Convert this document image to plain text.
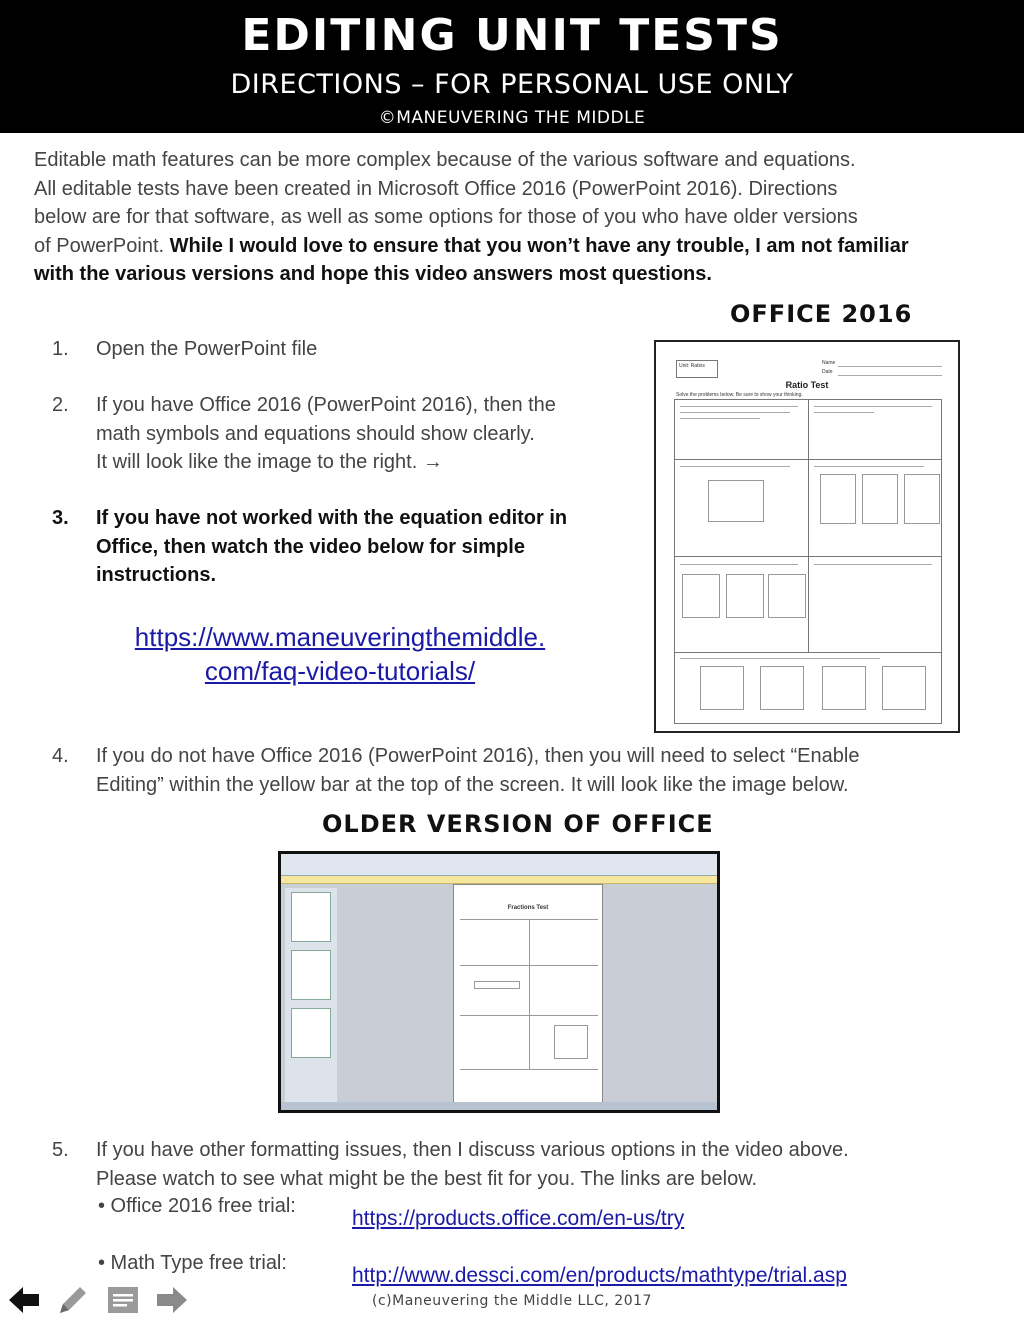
EDITING UNIT TESTS
DIRECTIONS – FOR PERSONAL USE ONLY
©MANEUVERING THE MIDDLE
Editable math features can be more complex because of the various software and equations.
All editable tests have been created in Microsoft Office 2016 (PowerPoint 2016). Directions
below are for that software, as well as some options for those of you who have older versions
of PowerPoint. While I would love to ensure that you won’t have any trouble, I am not familiar
with the various versions and hope this video answers most questions.
OFFICE 2016
1. Open the PowerPoint file
2. If you have Office 2016 (PowerPoint 2016), then the
math symbols and equations should show clearly.
It will look like the image to the right. →
3. If you have not worked with the equation editor in
Office, then watch the video below for simple
instructions.
https://www.maneuveringthemiddle.
com/faq-video-tutorials/
Unit: Ratios	Name
Date
Ratio Test
Solve the problems below. Be sure to show your thinking.
4. If you do not have Office 2016 (PowerPoint 2016), then you will need to select “Enable
Editing” within the yellow bar at the top of the screen. It will look like the image below.
OLDER VERSION OF OFFICE
Fractions Test
5. If you have other formatting issues, then I discuss various options in the video above.
Please watch to see what might be the best fit for you. The links are below.
• Office 2016 free trial:
https://products.office.com/en-us/try
• Math Type free trial:
http://www.dessci.com/en/products/mathtype/trial.asp
(c)Maneuvering the Middle LLC, 2017
